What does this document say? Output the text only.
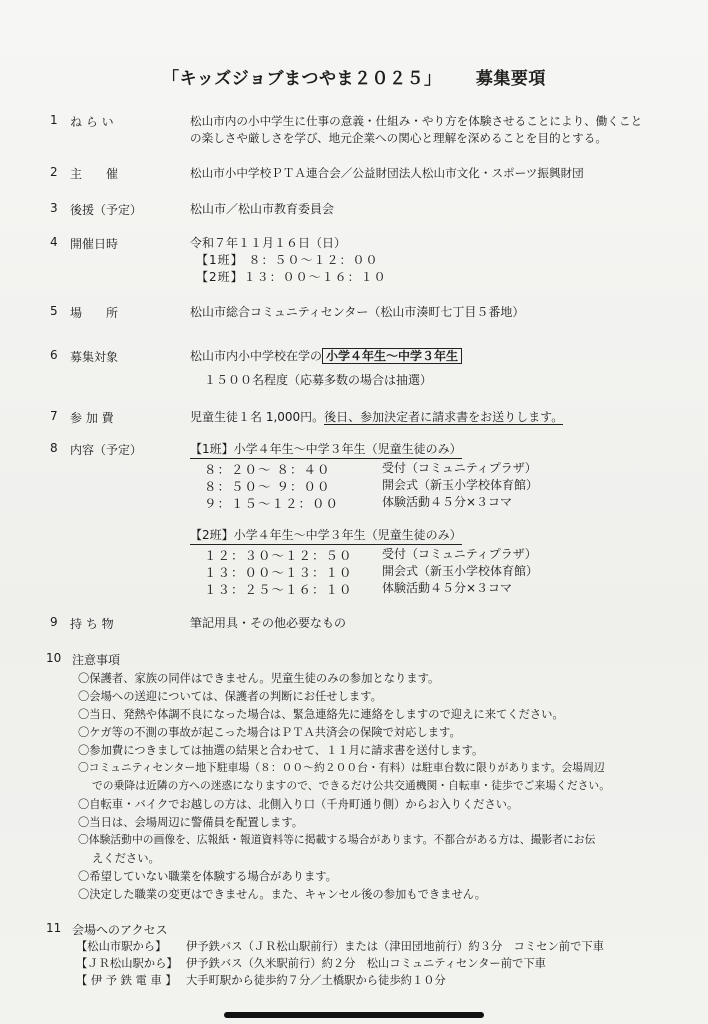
「キッズジョブまつやま２０２５」 募集要項
1 ね ら い	松山市内の小中学生に仕事の意義・仕組み・やり方を体験させることにより、働くこと
の楽しさや厳しさを学び、地元企業への関心と理解を深めることを目的とする。
2 主　　催	松山市小中学校ＰＴＡ連合会／公益財団法人松山市文化・スポーツ振興財団
3 後援（予定）	松山市／松山市教育委員会
4 開催日時	令和７年１１月１６日（日）
【1班】 ８：５０～１２：００
【2班】１３：００～１６：１０
5 場　　所	松山市総合コミュニティセンター（松山市湊町七丁目５番地）
6 募集対象	松山市内小中学校在学の 小学４年生～中学３年生
１５００名程度（応募多数の場合は抽選）
7 参 加 費	児童生徒１名 1,000円。後日、参加決定者に請求書をお送りします。
8 内容（予定）	【1班】小学４年生～中学３年生（児童生徒のみ）
８：２０～ ８：４０	受付（コミュニティプラザ）
８：５０～ ９：００	開会式（新玉小学校体育館）
９：１５～１２：００	体験活動４５分×３コマ
【2班】小学４年生～中学３年生（児童生徒のみ）
１２：３０～１２：５０ 受付（コミュニティプラザ）
１３：００～１３：１０ 開会式（新玉小学校体育館）
１３：２５～１６：１０ 体験活動４５分×３コマ
9 持 ち 物	筆記用具・その他必要なもの
10 注意事項
〇保護者、家族の同伴はできません。児童生徒のみの参加となります。
〇会場への送迎については、保護者の判断にお任せします。
〇当日、発熱や体調不良になった場合は、緊急連絡先に連絡をしますので迎えに来てください。
〇ケガ等の不測の事故が起こった場合はＰＴＡ共済会の保険で対応します。
〇参加費につきましては抽選の結果と合わせて、１１月に請求書を送付します。
〇コミュニティセンター地下駐車場（８：００～約２００台・有料）は駐車台数に限りがあります。会場周辺
での乗降は近隣の方への迷惑になりますので、できるだけ公共交通機関・自転車・徒歩でご来場ください。
〇自転車・バイクでお越しの方は、北側入り口（千舟町通り側）からお入りください。
〇当日は、会場周辺に警備員を配置します。
〇体験活動中の画像を、広報紙・報道資料等に掲載する場合があります。不都合がある方は、撮影者にお伝
えください。
〇希望していない職業を体験する場合があります。
〇決定した職業の変更はできません。また、キャンセル後の参加もできません。
11 会場へのアクセス
【松山市駅から】 伊予鉄バス（ＪＲ松山駅前行）または（津田団地前行）約３分　コミセン前で下車
【ＪＲ松山駅から】 伊予鉄バス（久米駅前行）約２分　松山コミュニティセンター前で下車
【 伊 予 鉄 電 車 】 大手町駅から徒歩約７分／土橋駅から徒歩約１０分
